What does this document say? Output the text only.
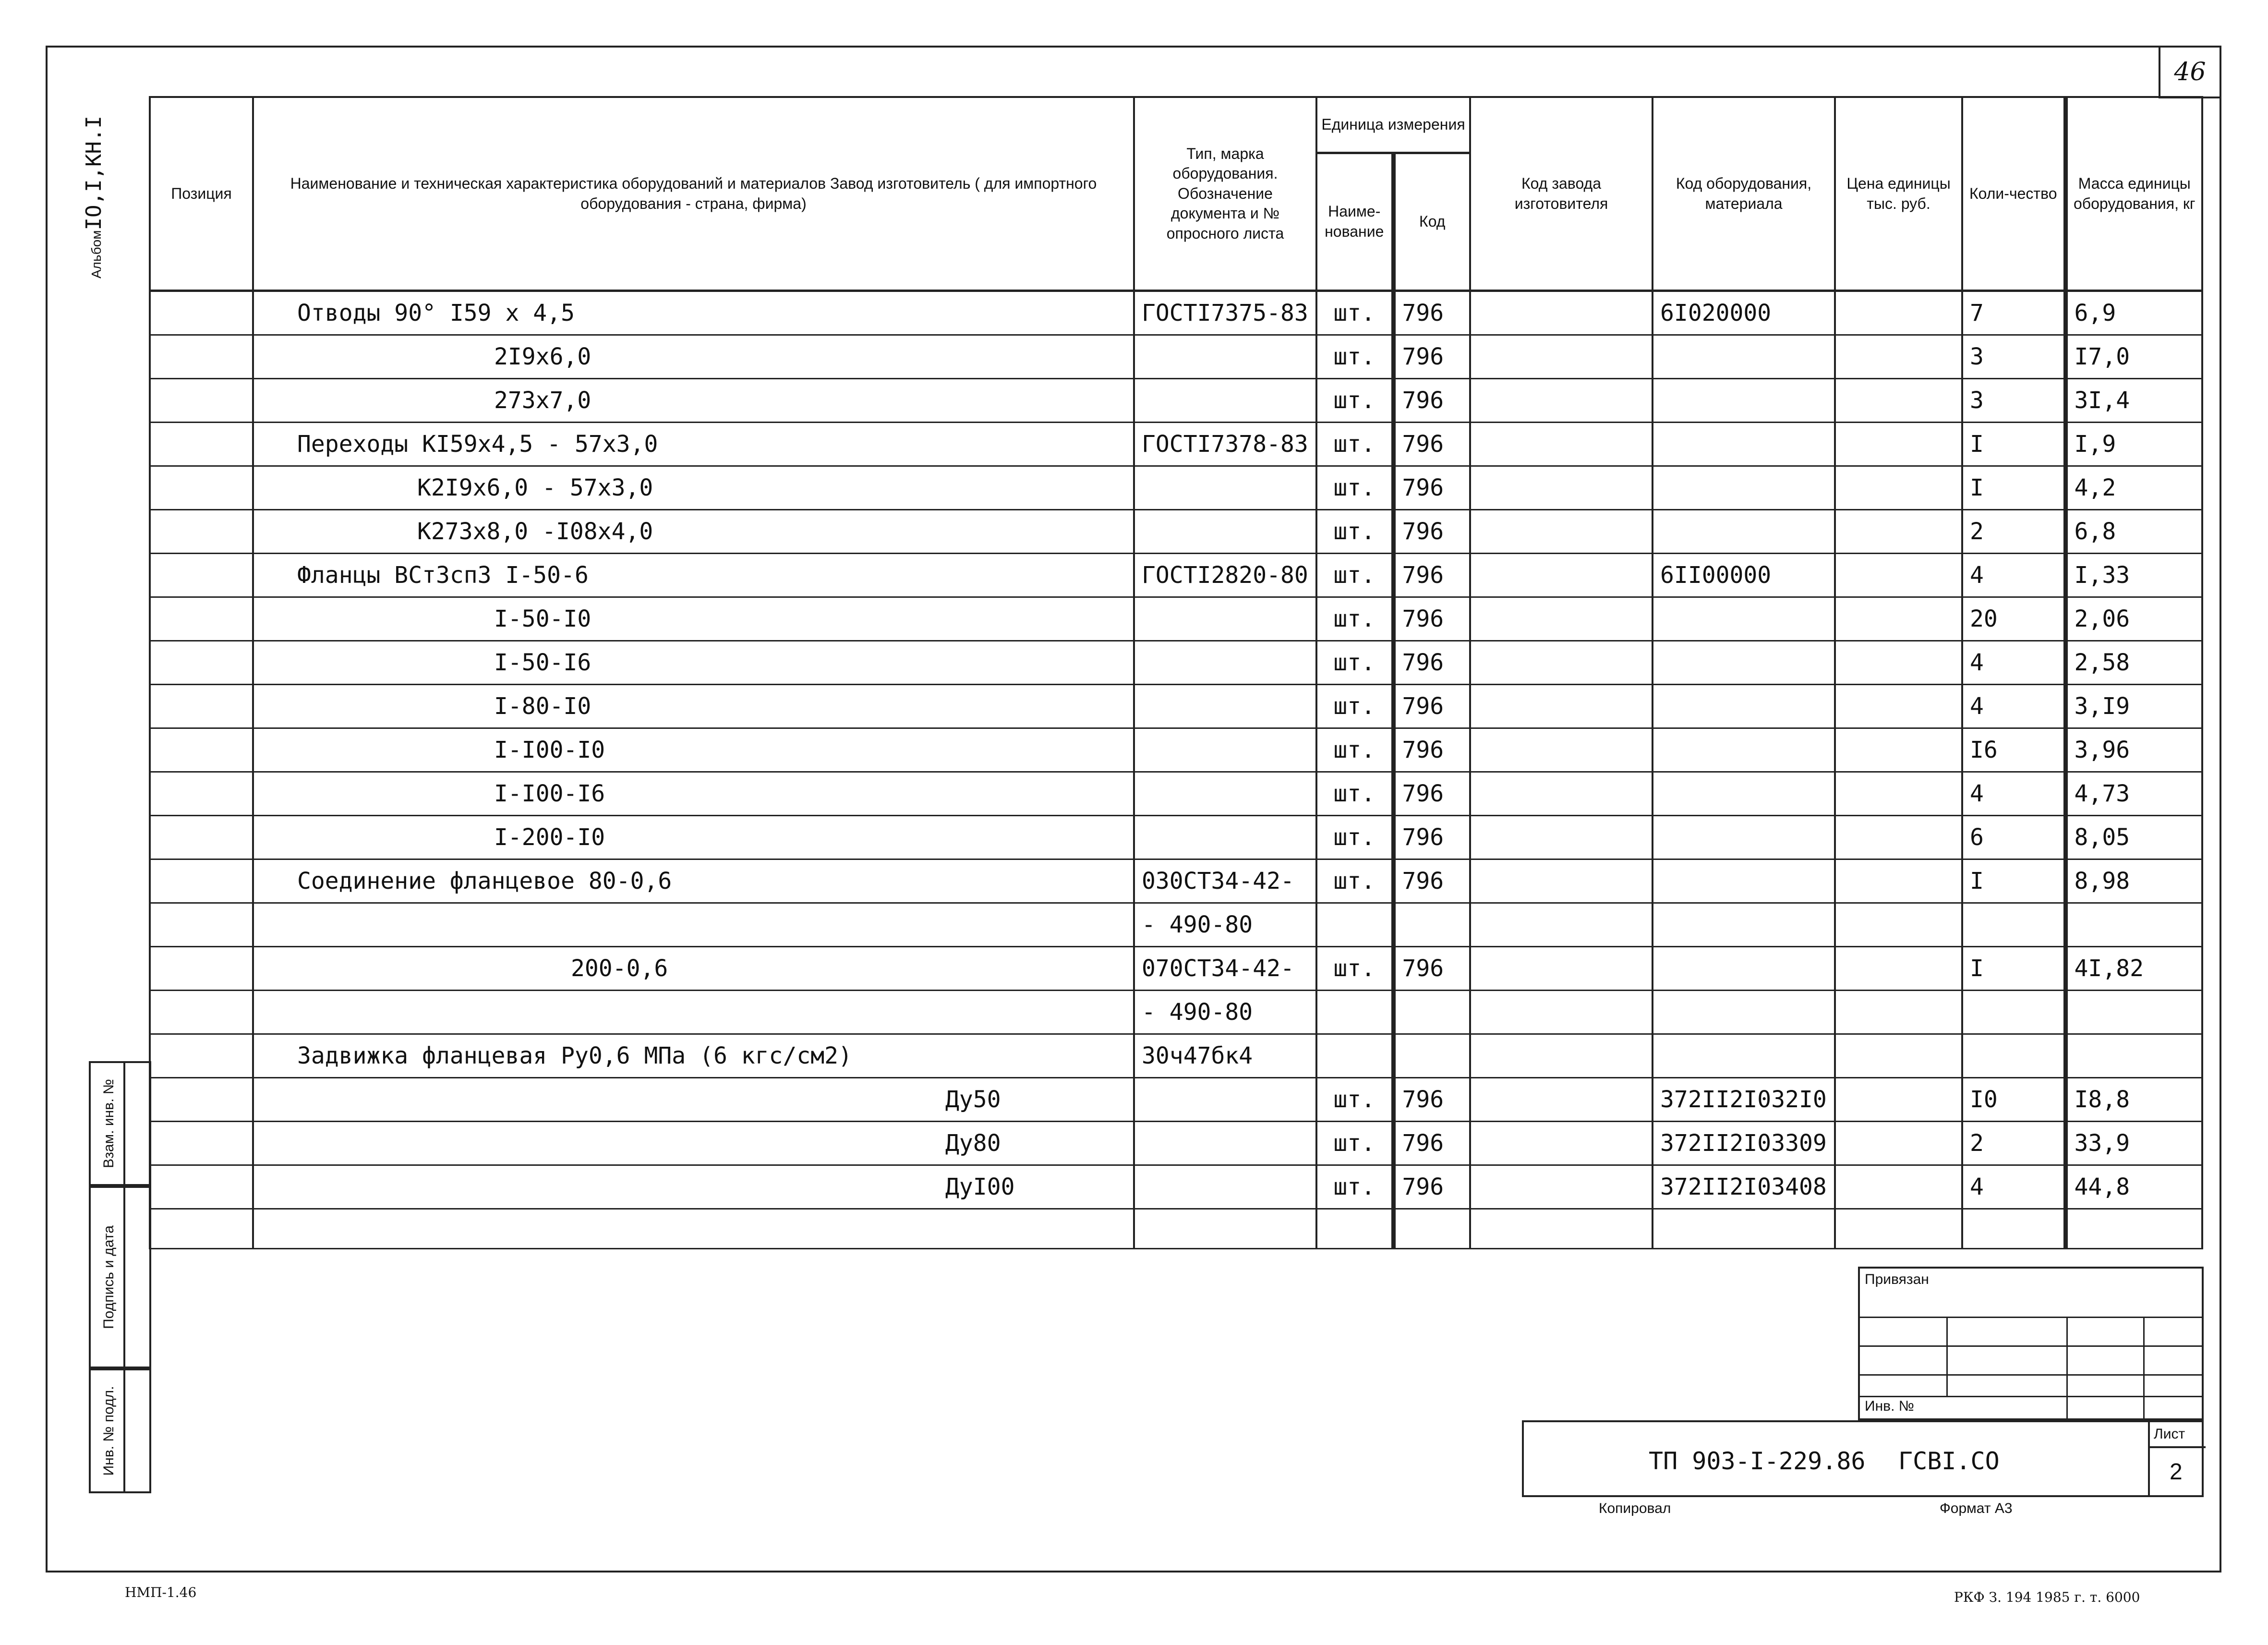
46
АльбомIO,I,КН.I	Позиция	Наименование и техническая характеристика оборудований и материалов Завод изготовитель ( для импортного оборудования - страна, фирма)	Тип, марка оборудования. Обозначение документа и № опросного листа	Единица измерения		Код завода изготовителя	Код оборудования, материала	Цена единицы тыс. руб.	Коли-чество	Масса единицы оборудования, кг
			Наиме-нование	Код					
	Отводы 90° I59 x 4,5	ГОСТI7375-83	шт.	796		6I020000		7	6,9
	2I9x6,0		шт.	796				3	I7,0
	273x7,0		шт.	796				3	3I,4
	Переходы КI59x4,5 - 57x3,0	ГОСТI7378-83	шт.	796				I	I,9
	К2I9x6,0 - 57x3,0		шт.	796				I	4,2
	К273x8,0 -I08x4,0		шт.	796				2	6,8
	Фланцы ВСт3сп3 I-50-6	ГОСТI2820-80	шт.	796		6II00000		4	I,33
	I-50-I0		шт.	796				20	2,06
	I-50-I6		шт.	796				4	2,58
	I-80-I0		шт.	796				4	3,I9
	I-I00-I0		шт.	796				I6	3,96
	I-I00-I6		шт.	796				4	4,73
	I-200-I0		шт.	796				6	8,05
	Соединение фланцевое 80-0,6	030СТ34-42-	шт.	796				I	8,98
		- 490-80							
	200-0,6	070СТ34-42-	шт.	796				I	4I,82
		- 490-80							
	Задвижка фланцевая Ру0,6 МПа (6 кгс/см2)	30ч47бк4							
	Ду50		шт.	796		372II2I032I0		I0	I8,8
	Ду80		шт.	796		372II2I03309		2	33,9
	ДуI00		шт.	796		372II2I03408		4	44,8

Взам. инв. №
Подпись и дата
Инв. № подл.
Привязан
Инв. №
ТП 903-I-229.86 ГСВI.СО
Лист
2
Копировал	Формат А3
НМП-1.46	РКФ З. 194 1985 г. т. 6000
